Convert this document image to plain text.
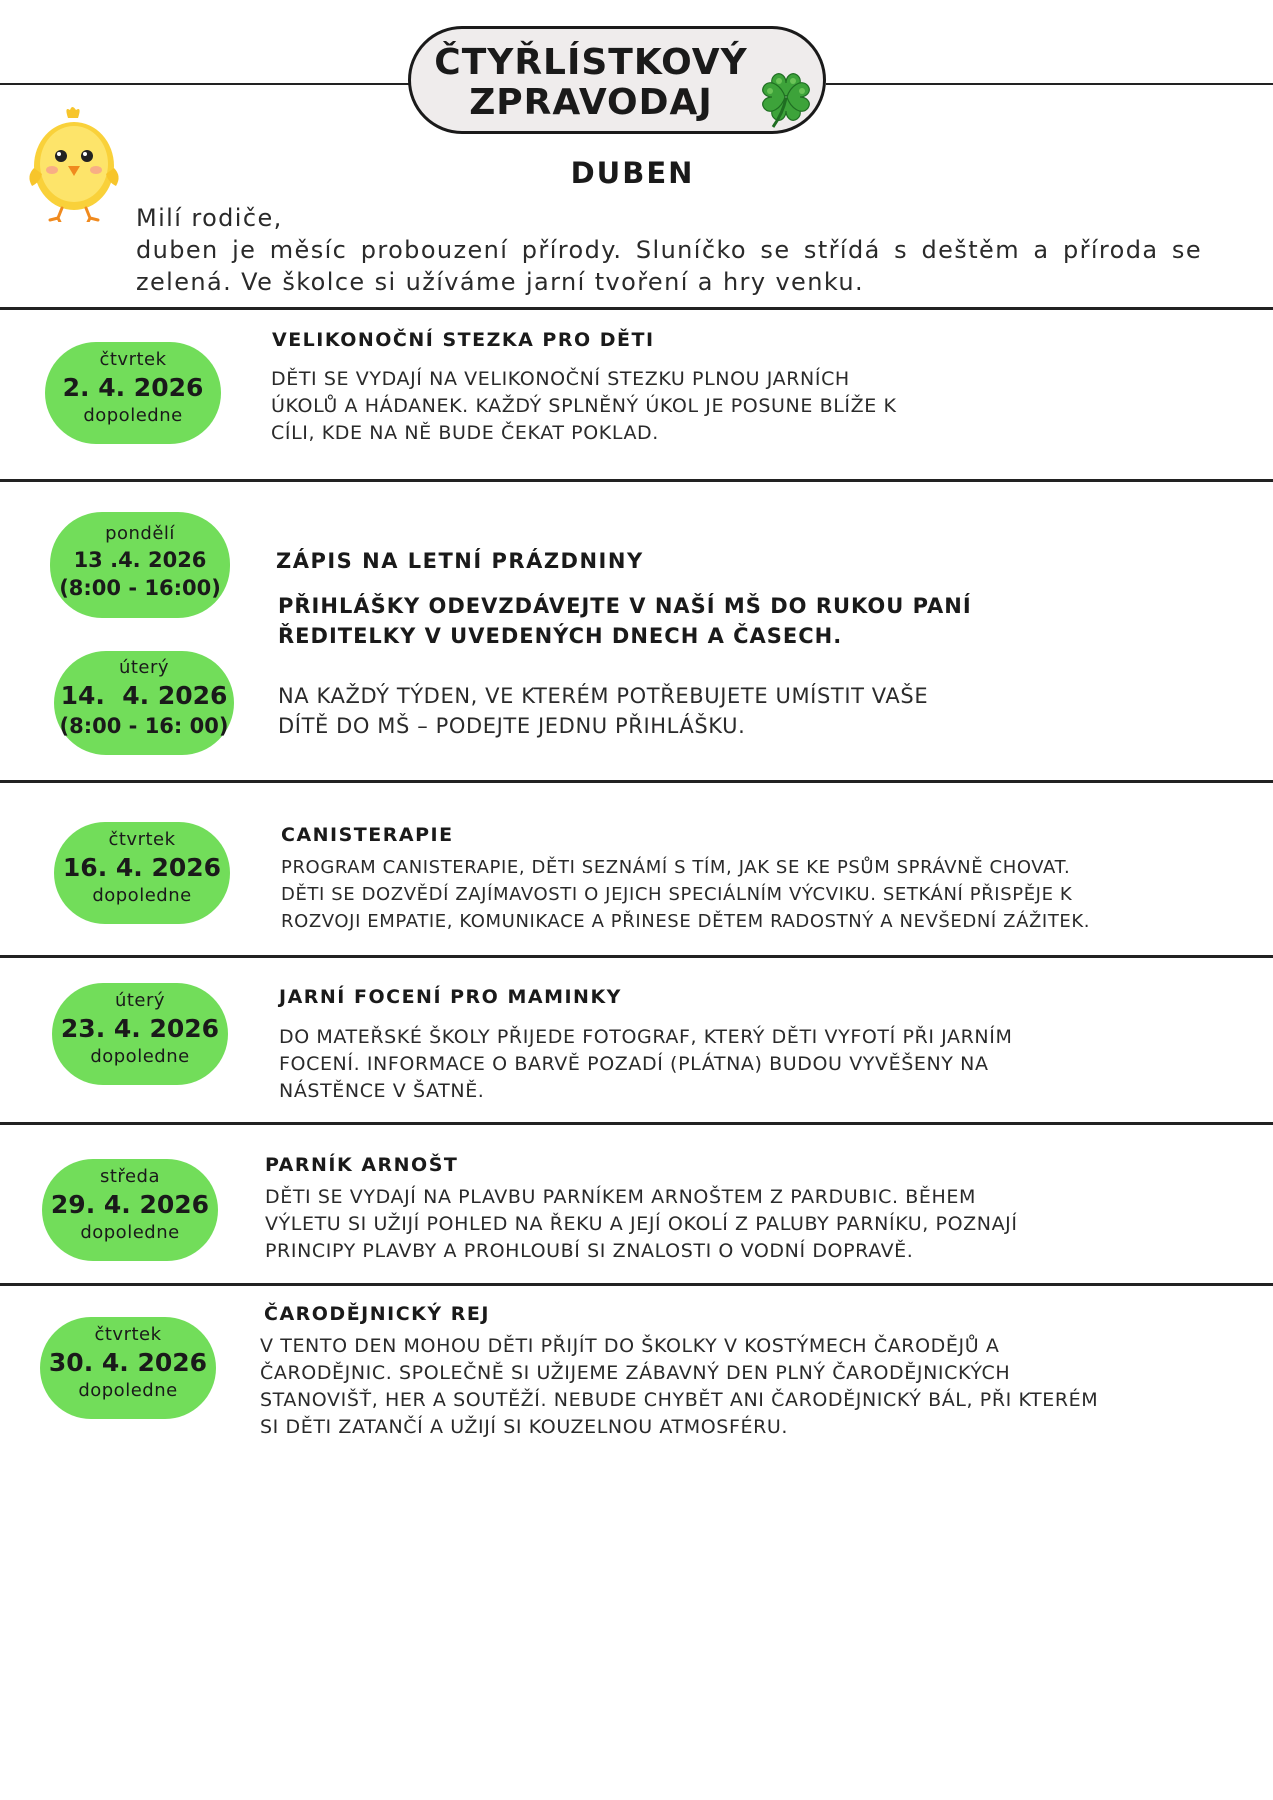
ČTYŘLÍSTKOVÝ
ZPRAVODAJ
DUBEN
Milí rodiče,
duben je měsíc probouzení přírody. Sluníčko se střídá s deštěm a příroda se
zelená. Ve školce si užíváme jarní tvoření a hry venku.
čtvrtek
2. 4. 2026
dopoledne
VELIKONOČNÍ STEZKA PRO DĚTI
DĚTI SE VYDAJÍ NA VELIKONOČNÍ STEZKU PLNOU JARNÍCH
ÚKOLŮ A HÁDANEK. KAŽDÝ SPLNĚNÝ ÚKOL JE POSUNE BLÍŽE K
CÍLI, KDE NA NĚ BUDE ČEKAT POKLAD.
pondělí
13 .4. 2026
(8:00 - 16:00)
úterý
14.  4. 2026
(8:00 - 16: 00)
ZÁPIS NA LETNÍ PRÁZDNINY
PŘIHLÁŠKY ODEVZDÁVEJTE V NAŠÍ MŠ DO RUKOU PANÍ
ŘEDITELKY V UVEDENÝCH DNECH A ČASECH.
NA KAŽDÝ TÝDEN, VE KTERÉM POTŘEBUJETE UMÍSTIT VAŠE
DÍTĚ DO MŠ – PODEJTE JEDNU PŘIHLÁŠKU.
čtvrtek
16. 4. 2026
dopoledne
CANISTERAPIE
PROGRAM CANISTERAPIE, DĚTI SEZNÁMÍ S TÍM, JAK SE KE PSŮM SPRÁVNĚ CHOVAT.
DĚTI SE DOZVĚDÍ ZAJÍMAVOSTI O JEJICH SPECIÁLNÍM VÝCVIKU. SETKÁNÍ PŘISPĚJE K
ROZVOJI EMPATIE, KOMUNIKACE A PŘINESE DĚTEM RADOSTNÝ A NEVŠEDNÍ ZÁŽITEK.
úterý
23. 4. 2026
dopoledne
JARNÍ FOCENÍ PRO MAMINKY
DO MATEŘSKÉ ŠKOLY PŘIJEDE FOTOGRAF, KTERÝ DĚTI VYFOTÍ PŘI JARNÍM
FOCENÍ. INFORMACE O BARVĚ POZADÍ (PLÁTNA) BUDOU VYVĚŠENY NA
NÁSTĚNCE V ŠATNĚ.
středa
29. 4. 2026
dopoledne
PARNÍK ARNOŠT
DĚTI SE VYDAJÍ NA PLAVBU PARNÍKEM ARNOŠTEM Z PARDUBIC. BĚHEM
VÝLETU SI UŽIJÍ POHLED NA ŘEKU A JEJÍ OKOLÍ Z PALUBY PARNÍKU, POZNAJÍ
PRINCIPY PLAVBY A PROHLOUBÍ SI ZNALOSTI O VODNÍ DOPRAVĚ.
čtvrtek
30. 4. 2026
dopoledne
ČARODĚJNICKÝ REJ
V TENTO DEN MOHOU DĚTI PŘIJÍT DO ŠKOLKY V KOSTÝMECH ČARODĚJŮ A
ČARODĚJNIC. SPOLEČNĚ SI UŽIJEME ZÁBAVNÝ DEN PLNÝ ČARODĚJNICKÝCH
STANOVIŠŤ, HER A SOUTĚŽÍ. NEBUDE CHYBĚT ANI ČARODĚJNICKÝ BÁL, PŘI KTERÉM
SI DĚTI ZATANČÍ A UŽIJÍ SI KOUZELNOU ATMOSFÉRU.
